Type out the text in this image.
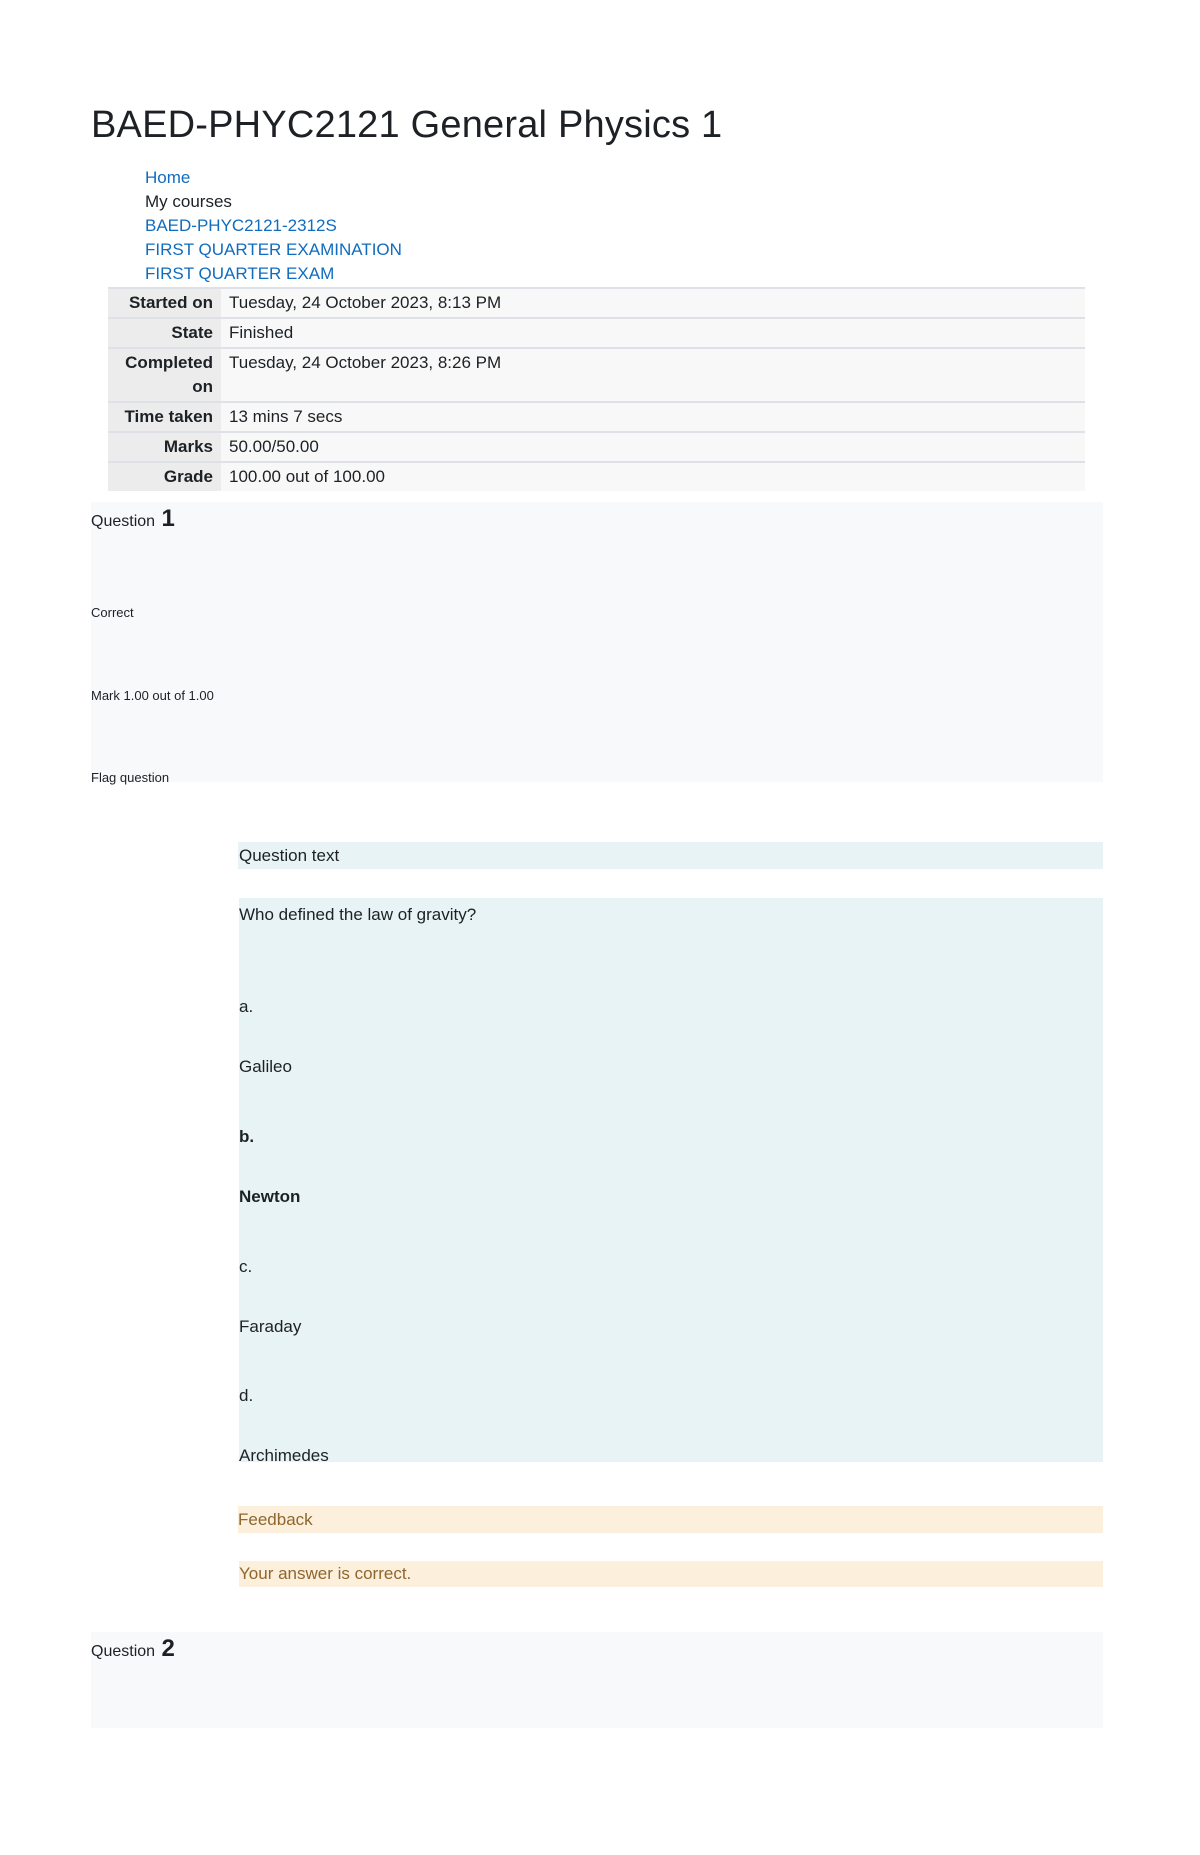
BAED-PHYC2121 General Physics 1
Home
My courses
BAED-PHYC2121-2312S
FIRST QUARTER EXAMINATION
FIRST QUARTER EXAM
Started on	Tuesday, 24 October 2023, 8:13 PM
State	Finished
Completed on	Tuesday, 24 October 2023, 8:26 PM
Time taken	13 mins 7 secs
Marks	50.00/50.00
Grade	100.00 out of 100.00
Question 1
Correct
Mark 1.00 out of 1.00
Flag question
Question text
Who defined the law of gravity?
a.
Galileo
b.
Newton
c.
Faraday
d.
Archimedes
Feedback
Your answer is correct.
Question 2
